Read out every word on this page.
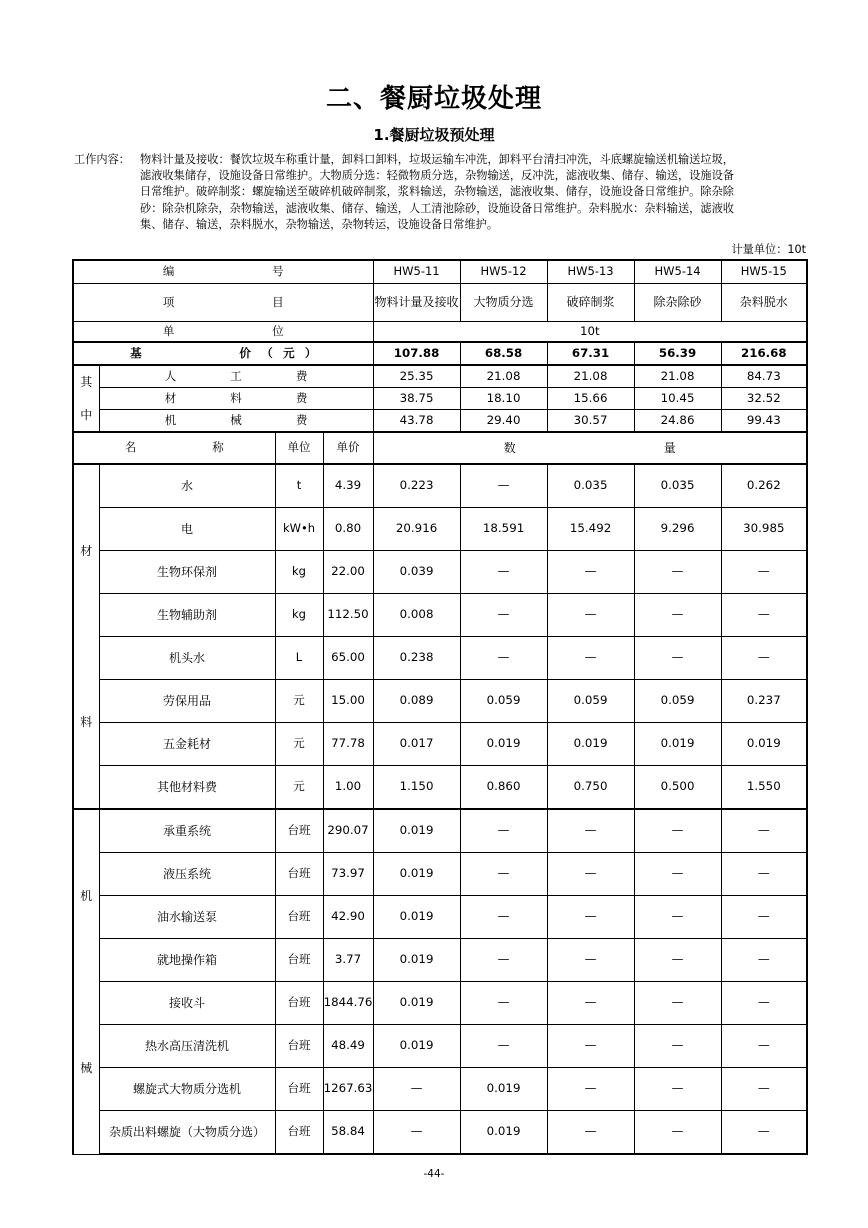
二、餐厨垃圾处理
1.餐厨垃圾预处理
工作内容： 物料计量及接收：餐饮垃圾车称重计量，卸料口卸料，垃圾运输车冲洗，卸料平台清扫冲洗，斗底螺旋输送机输送垃圾，滤液收集储存，设施设备日常维护。大物质分选：轻微物质分选，杂物输送，反冲洗，滤液收集、储存、输送，设施设备日常维护。破碎制浆：螺旋输送至破碎机破碎制浆，浆料输送，杂物输送，滤液收集、储存，设施设备日常维护。除杂除砂：除杂机除杂，杂物输送，滤液收集、储存、输送，人工清池除砂，设施设备日常维护。杂料脱水：杂料输送，滤液收集、储存、输送，杂料脱水，杂物输送，杂物转运，设施设备日常维护。
计量单位：10t
编　　　　号				HW5-11	HW5-12	HW5-13	HW5-14	HW5-15

项　　　　目				物料计量及接收	大物质分选	破碎制浆	除杂除砂	杂料脱水

单　　　　位				10t				

基　　　　价（元）				107.88	68.58	67.31	56.39	216.68

其
中	人　　工　　费			25.35	21.08	21.08	21.08	84.73

	材　　料　　费			38.75	18.10	15.66	10.45	32.52

	机　　械　　费			43.78	29.40	30.57	24.86	99.43

名　　　称		单位	单价	数 量				

材
料	水	t	4.39	0.223	—	0.035	0.035	0.262
	电	kW•h	0.80	20.916	18.591	15.492	9.296	30.985
	生物环保剂	kg	22.00	0.039	—	—	—	—
	生物辅助剂	kg	112.50	0.008	—	—	—	—
	机头水	L	65.00	0.238	—	—	—	—
	劳保用品	元	15.00	0.089	0.059	0.059	0.059	0.237
	五金耗材	元	77.78	0.017	0.019	0.019	0.019	0.019
	其他材料费	元	1.00	1.150	0.860	0.750	0.500	1.550

机
械	承重系统	台班	290.07	0.019	—	—	—	—
	液压系统	台班	73.97	0.019	—	—	—	—
	油水输送泵	台班	42.90	0.019	—	—	—	—
	就地操作箱	台班	3.77	0.019	—	—	—	—
	接收斗	台班	1844.76	0.019	—	—	—	—
	热水高压清洗机	台班	48.49	0.019	—	—	—	—
	螺旋式大物质分选机	台班	1267.63	—	0.019	—	—	—
	杂质出料螺旋（大物质分选）	台班	58.84	—	0.019	—	—	—
-44-
